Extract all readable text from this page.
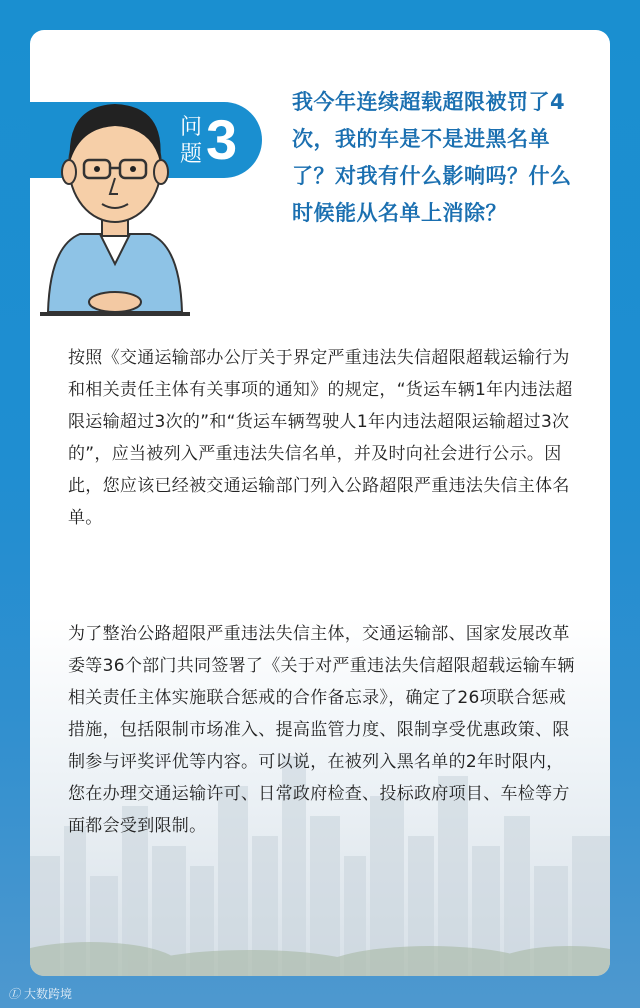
问题 3
我今年连续超载超限被罚了4次，我的车是不是进黑名单了？对我有什么影响吗？什么时候能从名单上消除？

按照《交通运输部办公厅关于界定严重违法失信超限超载运输行为和相关责任主体有关事项的通知》的规定，“货运车辆1年内违法超限运输超过3次的”和“货运车辆驾驶人1年内违法超限运输超过3次的”，应当被列入严重违法失信名单，并及时向社会进行公示。因此，您应该已经被交通运输部门列入公路超限严重违法失信主体名单。

为了整治公路超限严重违法失信主体，交通运输部、国家发展改革委等36个部门共同签署了《关于对严重违法失信超限超载运输车辆相关责任主体实施联合惩戒的合作备忘录》，确定了26项联合惩戒措施，包括限制市场准入、提高监管力度、限制享受优惠政策、限制参与评奖评优等内容。可以说，在被列入黑名单的2年时限内，您在办理交通运输许可、日常政府检查、投标政府项目、车检等方面都会受到限制。

Ⓛ 大数跨境
